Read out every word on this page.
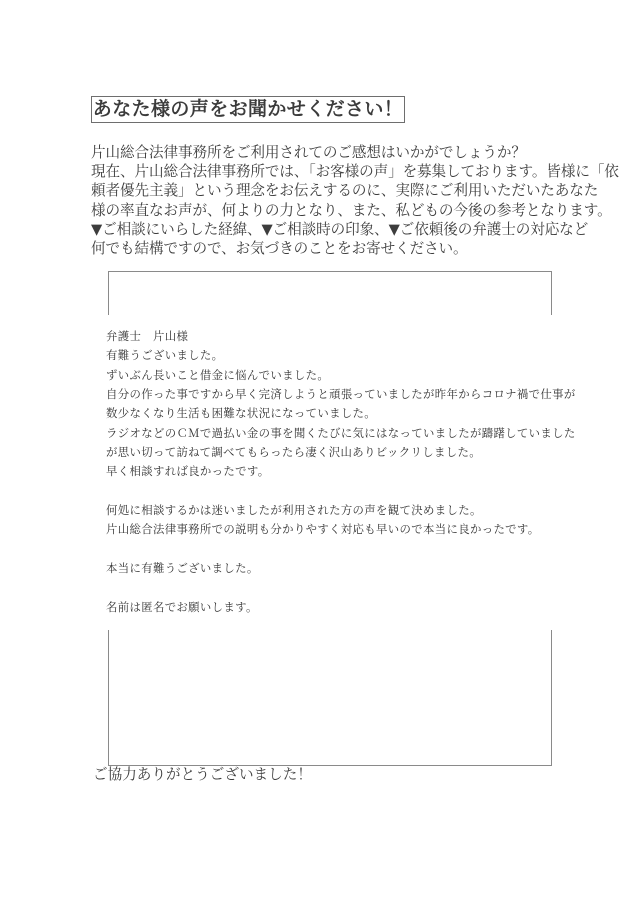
あなた様の声をお聞かせください！
片山総合法律事務所をご利用されてのご感想はいかがでしょうか？
現在、片山総合法律事務所では、「お客様の声」を募集しております。皆様に「依
頼者優先主義」という理念をお伝えするのに、実際にご利用いただいたあなた
様の率直なお声が、何よりの力となり、また、私どもの今後の参考となります。
▼ご相談にいらした経緯、▼ご相談時の印象、▼ご依頼後の弁護士の対応など
何でも結構ですので、お気づきのことをお寄せください。
弁護士　片山様
有難うございました。
ずいぶん長いこと借金に悩んでいました。
自分の作った事ですから早く完済しようと頑張っていましたが昨年からコロナ禍で仕事が
数少なくなり生活も困難な状況になっていました。
ラジオなどのＣＭで過払い金の事を聞くたびに気にはなっていましたが躊躇していました
が思い切って訪ねて調べてもらったら凄く沢山ありビックリしました。
早く相談すれば良かったです。
何処に相談するかは迷いましたが利用された方の声を観て決めました。
片山総合法律事務所での説明も分かりやすく対応も早いので本当に良かったです。
本当に有難うございました。
名前は匿名でお願いします。
ご協力ありがとうございました！
